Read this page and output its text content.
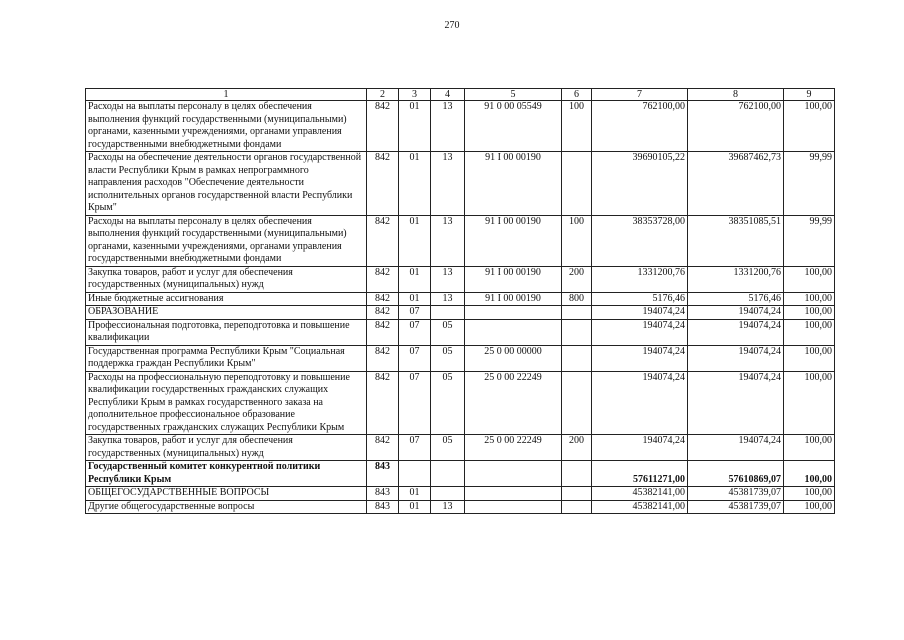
270
1	2	3	4	5	6	7	8	9
Расходы на выплаты персоналу в целях обеспечения выполнения функций государственными (муниципальными) органами, казенными учреждениями, органами управления государственными внебюджетными фондами	842	01	13	91 0 00 05549	100	762100,00	762100,00	100,00
Расходы на обеспечение деятельности органов государственной власти Республики Крым в рамках непрограммного направления расходов "Обеспечение деятельности исполнительных органов государственной власти Республики Крым"	842	01	13	91 I 00 00190		39690105,22	39687462,73	99,99
Расходы на выплаты персоналу в целях обеспечения выполнения функций государственными (муниципальными) органами, казенными учреждениями, органами управления государственными внебюджетными фондами	842	01	13	91 I 00 00190	100	38353728,00	38351085,51	99,99
Закупка товаров, работ и услуг для обеспечения государственных (муниципальных) нужд	842	01	13	91 I 00 00190	200	1331200,76	1331200,76	100,00
Иные бюджетные ассигнования	842	01	13	91 I 00 00190	800	5176,46	5176,46	100,00
ОБРАЗОВАНИЕ	842	07				194074,24	194074,24	100,00
Профессиональная подготовка, переподготовка и повышение квалификации	842	07	05			194074,24	194074,24	100,00
Государственная программа Республики Крым "Социальная поддержка граждан Республики Крым"	842	07	05	25 0 00 00000		194074,24	194074,24	100,00
Расходы на профессиональную переподготовку и повышение квалификации государственных гражданских служащих Республики Крым в рамках государственного заказа на дополнительное профессиональное образование государственных гражданских служащих Республики Крым	842	07	05	25 0 00 22249		194074,24	194074,24	100,00
Закупка товаров, работ и услуг для обеспечения государственных (муниципальных) нужд	842	07	05	25 0 00 22249	200	194074,24	194074,24	100,00
Государственный комитет конкурентной политики Республики Крым	843					57611271,00	57610869,07	100,00
ОБЩЕГОСУДАРСТВЕННЫЕ ВОПРОСЫ	843	01				45382141,00	45381739,07	100,00
Другие общегосударственные вопросы	843	01	13			45382141,00	45381739,07	100,00
